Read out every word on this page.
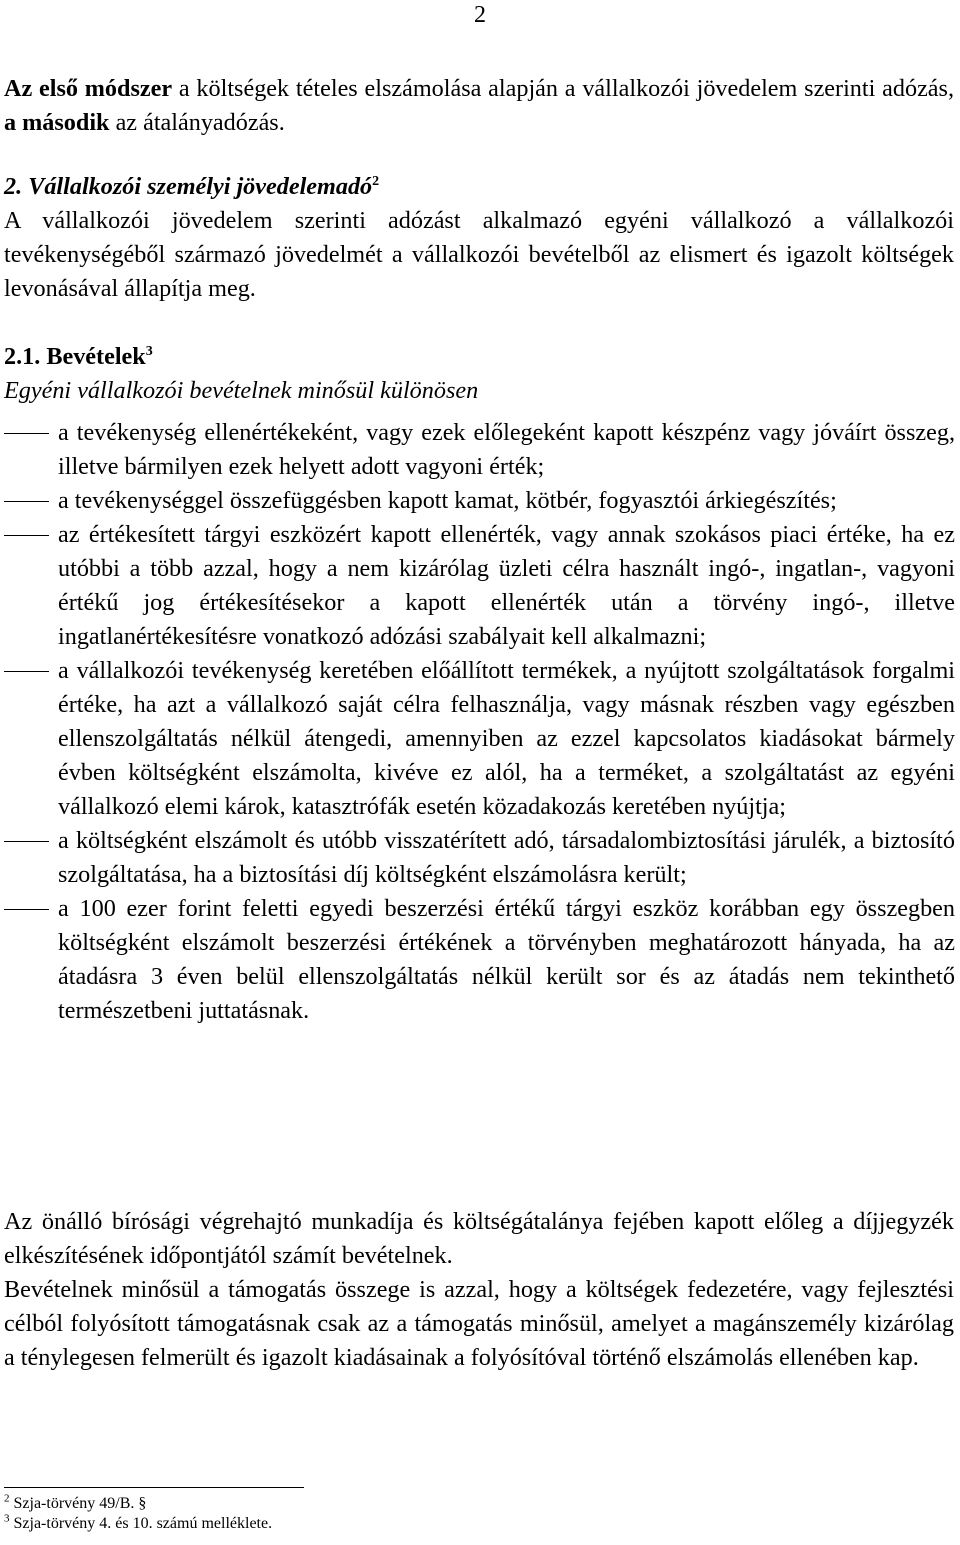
2

Az első módszer a költségek tételes elszámolása alapján a vállalkozói jövedelem szerinti adózás, a második az átalányadózás.

2. Vállalkozói személyi jövedelemadó$^2$

A vállalkozói jövedelem szerinti adózást alkalmazó egyéni vállalkozó a vállalkozói tevékenységéből származó jövedelmét a vállalkozói bevételből az elismert és igazolt költségek levonásával állapítja meg.

2.1. Bevételek$^3$

Egyéni vállalkozói bevételnek minősül különösen

a tevékenység ellenértékeként, vagy ezek előlegeként kapott készpénz vagy jóváírt összeg, illetve bármilyen ezek helyett adott vagyoni érték;
a tevékenységgel összefüggésben kapott kamat, kötbér, fogyasztói árkiegészítés;
az értékesített tárgyi eszközért kapott ellenérték, vagy annak szokásos piaci értéke, ha ez utóbbi a több azzal, hogy a nem kizárólag üzleti célra használt ingó-, ingatlan-, vagyoni értékű jog értékesítésekor a kapott ellenérték után a törvény ingó-, illetve ingatlanértékesítésre vonatkozó adózási szabályait kell alkalmazni;
a vállalkozói tevékenység keretében előállított termékek, a nyújtott szolgáltatások forgalmi értéke, ha azt a vállalkozó saját célra felhasználja, vagy másnak részben vagy egészben ellenszolgáltatás nélkül átengedi, amennyiben az ezzel kapcsolatos kiadásokat bármely évben költségként elszámolta, kivéve ez alól, ha a terméket, a szolgáltatást az egyéni vállalkozó elemi károk, katasztrófák esetén közadakozás keretében nyújtja;
a költségként elszámolt és utóbb visszatérített adó, társadalombiztosítási járulék, a biztosító szolgáltatása, ha a biztosítási díj költségként elszámolásra került;
a 100 ezer forint feletti egyedi beszerzési értékű tárgyi eszköz korábban egy összegben költségként elszámolt beszerzési értékének a törvényben meghatározott hányada, ha az átadásra 3 éven belül ellenszolgáltatás nélkül került sor és az átadás nem tekinthető természetbeni juttatásnak.

Az önálló bírósági végrehajtó munkadíja és költségátalánya fejében kapott előleg a díjjegyzék elkészítésének időpontjától számít bevételnek.

Bevételnek minősül a támogatás összege is azzal, hogy a költségek fedezetére, vagy fejlesztési célból folyósított támogatásnak csak az a támogatás minősül, amelyet a magánszemély kizárólag a ténylegesen felmerült és igazolt kiadásainak a folyósítóval történő elszámolás ellenében kap.

$^2$ Szja-törvény 49/B. §

$^3$ Szja-törvény 4. és 10. számú melléklete.
